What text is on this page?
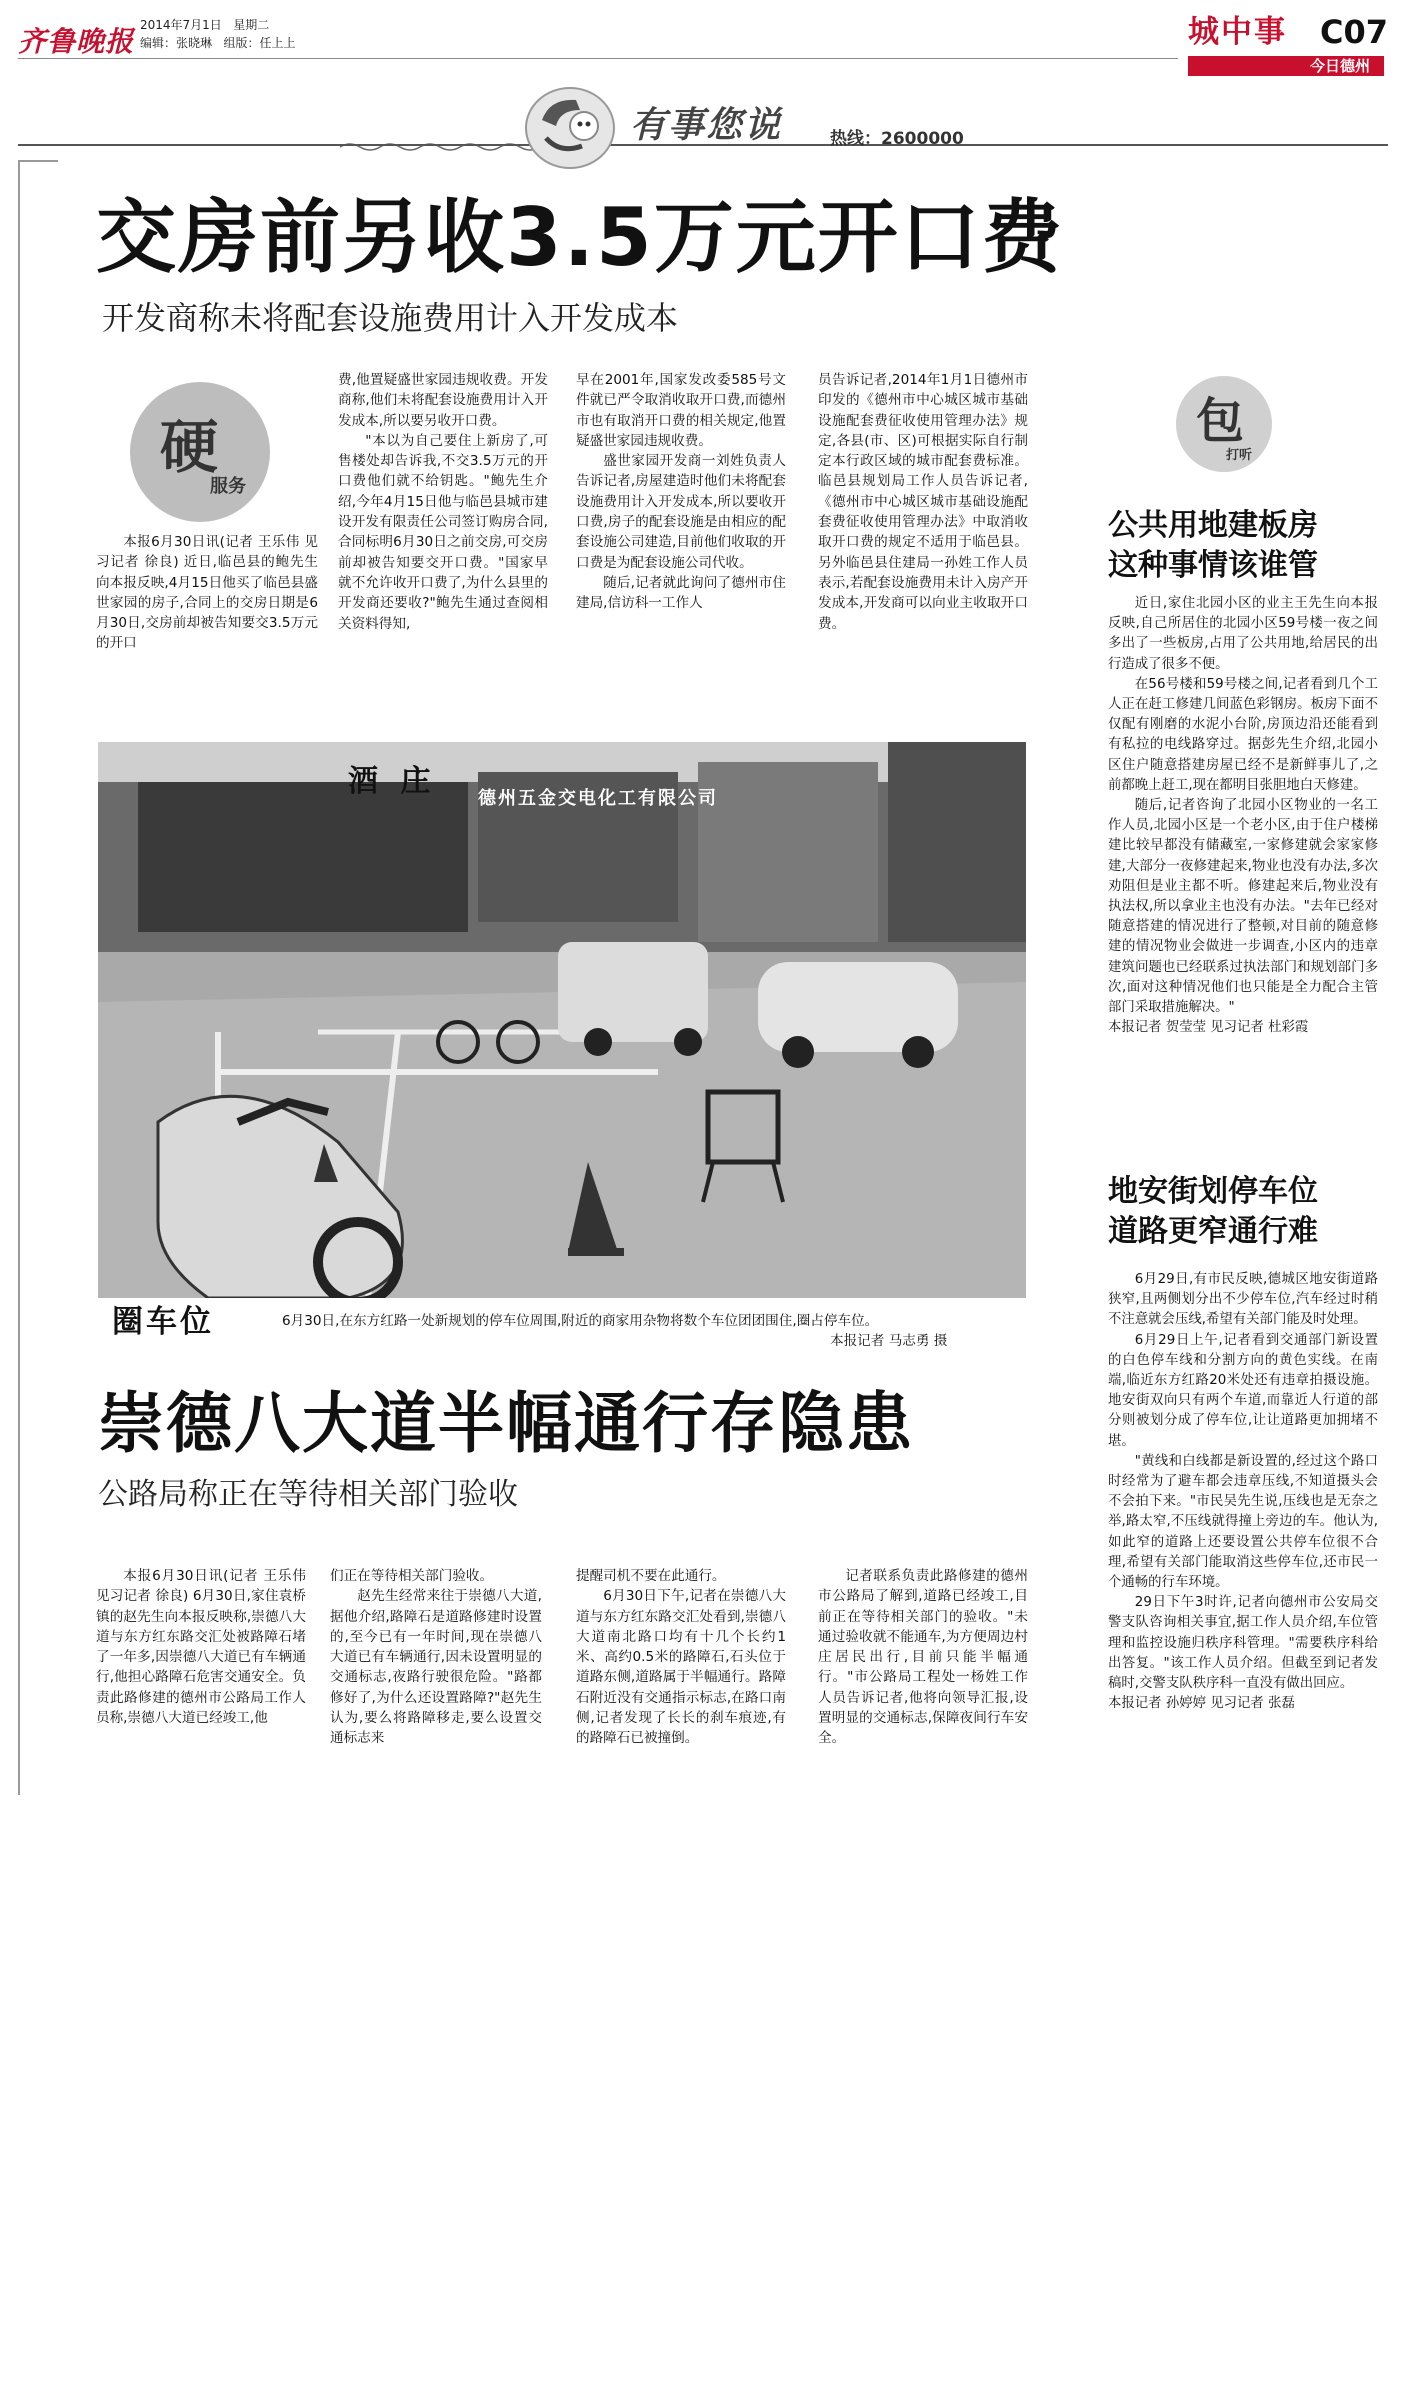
齐鲁晚报 2014年7月1日 星期二
编辑：张晓琳 组版：任上上	城中事 C07
今日德州
有事您说	热线：2600000
交房前另收3.5万元开口费
开发商称未将配套设施费用计入开发成本
硬
服务

本报6月30日讯(记者 王乐伟 见习记者 徐良) 近日,临邑县的鲍先生向本报反映,4月15日他买了临邑县盛世家园的房子,合同上的交房日期是6月30日,交房前却被告知要交3.5万元的开口

费,他置疑盛世家园违规收费。开发商称,他们未将配套设施费用计入开发成本,所以要另收开口费。

"本以为自己要住上新房了,可售楼处却告诉我,不交3.5万元的开口费他们就不给钥匙。"鲍先生介绍,今年4月15日他与临邑县城市建设开发有限责任公司签订购房合同,合同标明6月30日之前交房,可交房前却被告知要交开口费。"国家早就不允许收开口费了,为什么县里的开发商还要收?"鲍先生通过查阅相关资料得知,

早在2001年,国家发改委585号文件就已严令取消收取开口费,而德州市也有取消开口费的相关规定,他置疑盛世家园违规收费。

盛世家园开发商一刘姓负责人告诉记者,房屋建造时他们未将配套设施费用计入开发成本,所以要收开口费,房子的配套设施是由相应的配套设施公司建造,目前他们收取的开口费是为配套设施公司代收。

随后,记者就此询问了德州市住建局,信访科一工作人

员告诉记者,2014年1月1日德州市印发的《德州市中心城区城市基础设施配套费征收使用管理办法》规定,各县(市、区)可根据实际自行制定本行政区域的城市配套费标准。临邑县规划局工作人员告诉记者,《德州市中心城区城市基础设施配套费征收使用管理办法》中取消收取开口费的规定不适用于临邑县。另外临邑县住建局一孙姓工作人员表示,若配套设施费用未计入房产开发成本,开发商可以向业主收取开口费。

德州五金交电化工有限公司
酒 庄
圈车位	6月30日,在东方红路一处新规划的停车位周围,附近的商家用杂物将数个车位团团围住,圈占停车位。
本报记者 马志勇 摄
崇德八大道半幅通行存隐患
公路局称正在等待相关部门验收

本报6月30日讯(记者 王乐伟 见习记者 徐良) 6月30日,家住袁桥镇的赵先生向本报反映称,崇德八大道与东方红东路交汇处被路障石堵了一年多,因崇德八大道已有车辆通行,他担心路障石危害交通安全。负责此路修建的德州市公路局工作人员称,崇德八大道已经竣工,他

们正在等待相关部门验收。

赵先生经常来往于崇德八大道,据他介绍,路障石是道路修建时设置的,至今已有一年时间,现在崇德八大道已有车辆通行,因未设置明显的交通标志,夜路行驶很危险。"路都修好了,为什么还设置路障?"赵先生认为,要么将路障移走,要么设置交通标志来

提醒司机不要在此通行。

6月30日下午,记者在崇德八大道与东方红东路交汇处看到,崇德八大道南北路口均有十几个长约1米、高约0.5米的路障石,石头位于道路东侧,道路属于半幅通行。路障石附近没有交通指示标志,在路口南侧,记者发现了长长的刹车痕迹,有的路障石已被撞倒。

记者联系负责此路修建的德州市公路局了解到,道路已经竣工,目前正在等待相关部门的验收。"未通过验收就不能通车,为方便周边村庄居民出行,目前只能半幅通行。"市公路局工程处一杨姓工作人员告诉记者,他将向领导汇报,设置明显的交通标志,保障夜间行车安全。

包
打听
公共用地建板房
这种事情该谁管

近日,家住北园小区的业主王先生向本报反映,自己所居住的北园小区59号楼一夜之间多出了一些板房,占用了公共用地,给居民的出行造成了很多不便。

在56号楼和59号楼之间,记者看到几个工人正在赶工修建几间蓝色彩钢房。板房下面不仅配有刚磨的水泥小台阶,房顶边沿还能看到有私拉的电线路穿过。据彭先生介绍,北园小区住户随意搭建房屋已经不是新鲜事儿了,之前都晚上赶工,现在都明目张胆地白天修建。

随后,记者咨询了北园小区物业的一名工作人员,北园小区是一个老小区,由于住户楼梯建比较早都没有储藏室,一家修建就会家家修建,大部分一夜修建起来,物业也没有办法,多次劝阻但是业主都不听。修建起来后,物业没有执法权,所以拿业主也没有办法。"去年已经对随意搭建的情况进行了整顿,对目前的随意修建的情况物业会做进一步调查,小区内的违章建筑问题也已经联系过执法部门和规划部门多次,面对这种情况他们也只能是全力配合主管部门采取措施解决。"

本报记者 贺莹莹 见习记者 杜彩霞

地安街划停车位
道路更窄通行难

6月29日,有市民反映,德城区地安街道路狭窄,且两侧划分出不少停车位,汽车经过时稍不注意就会压线,希望有关部门能及时处理。

6月29日上午,记者看到交通部门新设置的白色停车线和分割方向的黄色实线。在南端,临近东方红路20米处还有违章拍摄设施。地安街双向只有两个车道,而靠近人行道的部分则被划分成了停车位,让让道路更加拥堵不堪。

"黄线和白线都是新设置的,经过这个路口时经常为了避车都会违章压线,不知道摄头会不会拍下来。"市民吴先生说,压线也是无奈之举,路太窄,不压线就得撞上旁边的车。他认为,如此窄的道路上还要设置公共停车位很不合理,希望有关部门能取消这些停车位,还市民一个通畅的行车环境。

29日下午3时许,记者向德州市公安局交警支队咨询相关事宜,据工作人员介绍,车位管理和监控设施归秩序科管理。"需要秩序科给出答复。"该工作人员介绍。但截至到记者发稿时,交警支队秩序科一直没有做出回应。

本报记者 孙婷婷 见习记者 张磊
